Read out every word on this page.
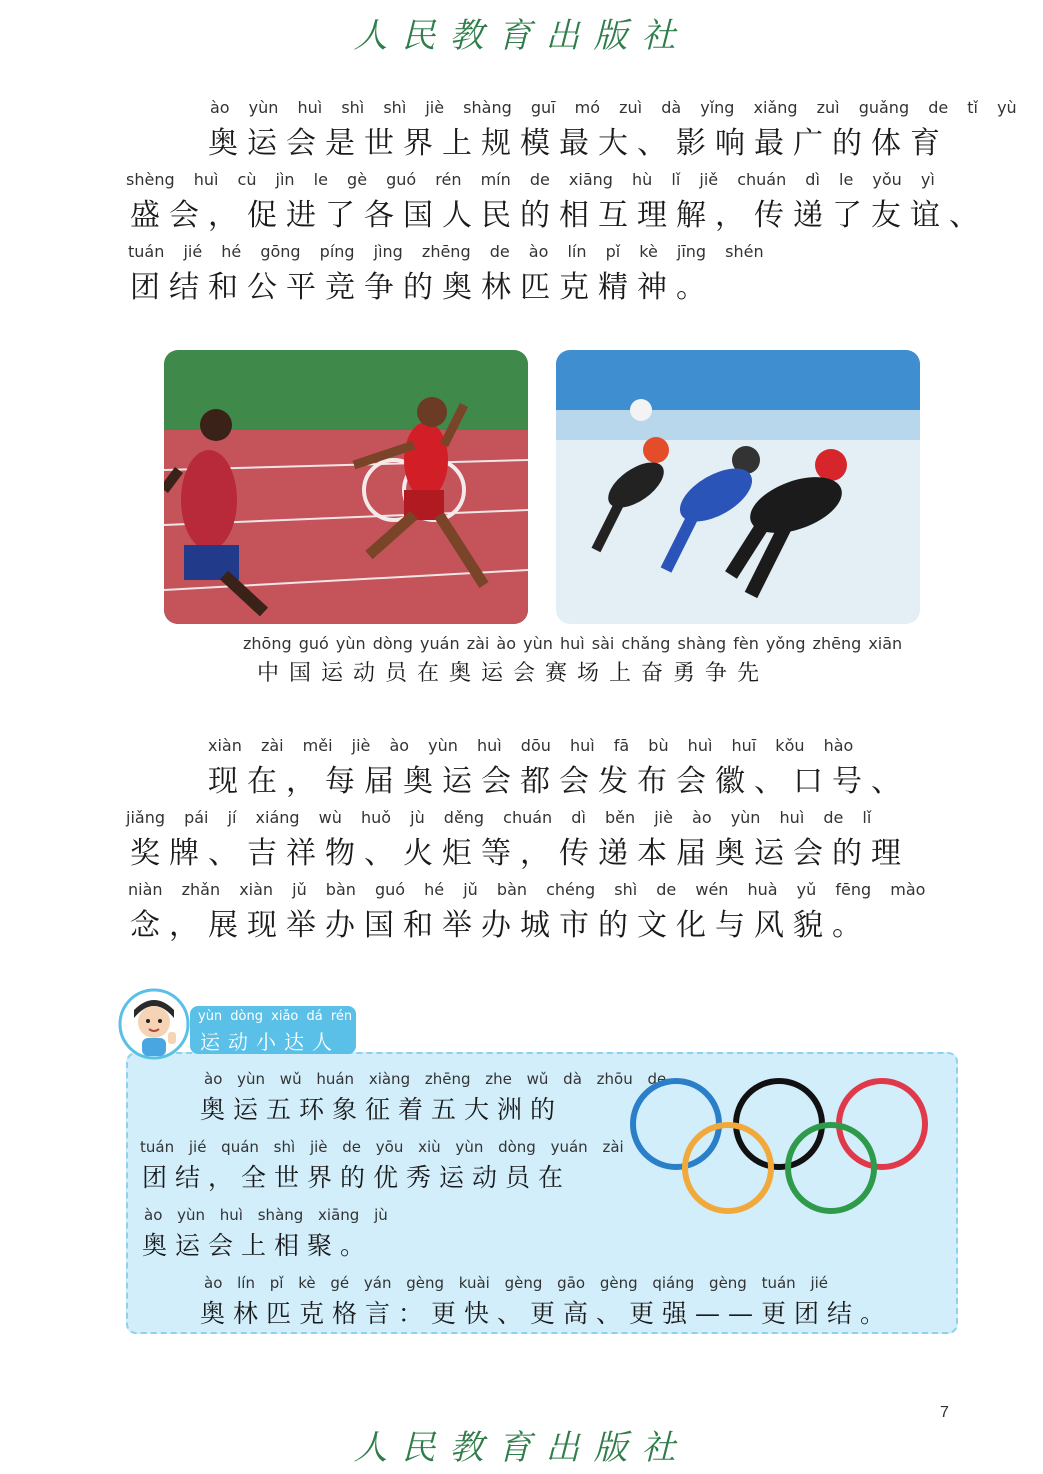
人民教育出版社
ào yùn huì shì shì jiè shàng guī mó zuì dà yǐng xiǎng zuì guǎng de tǐ yù
奥运会是世界上规模最大、影响最广的体育
shèng huì cù jìn le gè guó rén mín de xiāng hù lǐ jiě chuán dì le yǒu yì
盛会，促进了各国人民的相互理解，传递了友谊、
tuán jié hé gōng píng jìng zhēng de ào lín pǐ kè jīng shén
团结和公平竞争的奥林匹克精神。
zhōng guó yùn dòng yuán zài ào yùn huì sài chǎng shàng fèn yǒng zhēng xiān
中国运动员在奥运会赛场上奋勇争先
xiàn zài měi jiè ào yùn huì dōu huì fā bù huì huī kǒu hào
现在，每届奥运会都会发布会徽、口号、
jiǎng pái jí xiáng wù huǒ jù děng chuán dì běn jiè ào yùn huì de lǐ
奖牌、吉祥物、火炬等，传递本届奥运会的理
niàn zhǎn xiàn jǔ bàn guó hé jǔ bàn chéng shì de wén huà yǔ fēng mào
念，展现举办国和举办城市的文化与风貌。
ào yùn wǔ huán xiàng zhēng zhe wǔ dà zhōu de
奥运五环象征着五大洲的
tuán jié quán shì jiè de yōu xiù yùn dòng yuán zài
团结，全世界的优秀运动员在
ào yùn huì shàng xiāng jù
奥运会上相聚。
ào lín pǐ kè gé yán gèng kuài gèng gāo gèng qiáng gèng tuán jié
奥林匹克格言：更快、更高、更强——更团结。
yùn dòng xiǎo dá rén
运动小达人
7
人民教育出版社
